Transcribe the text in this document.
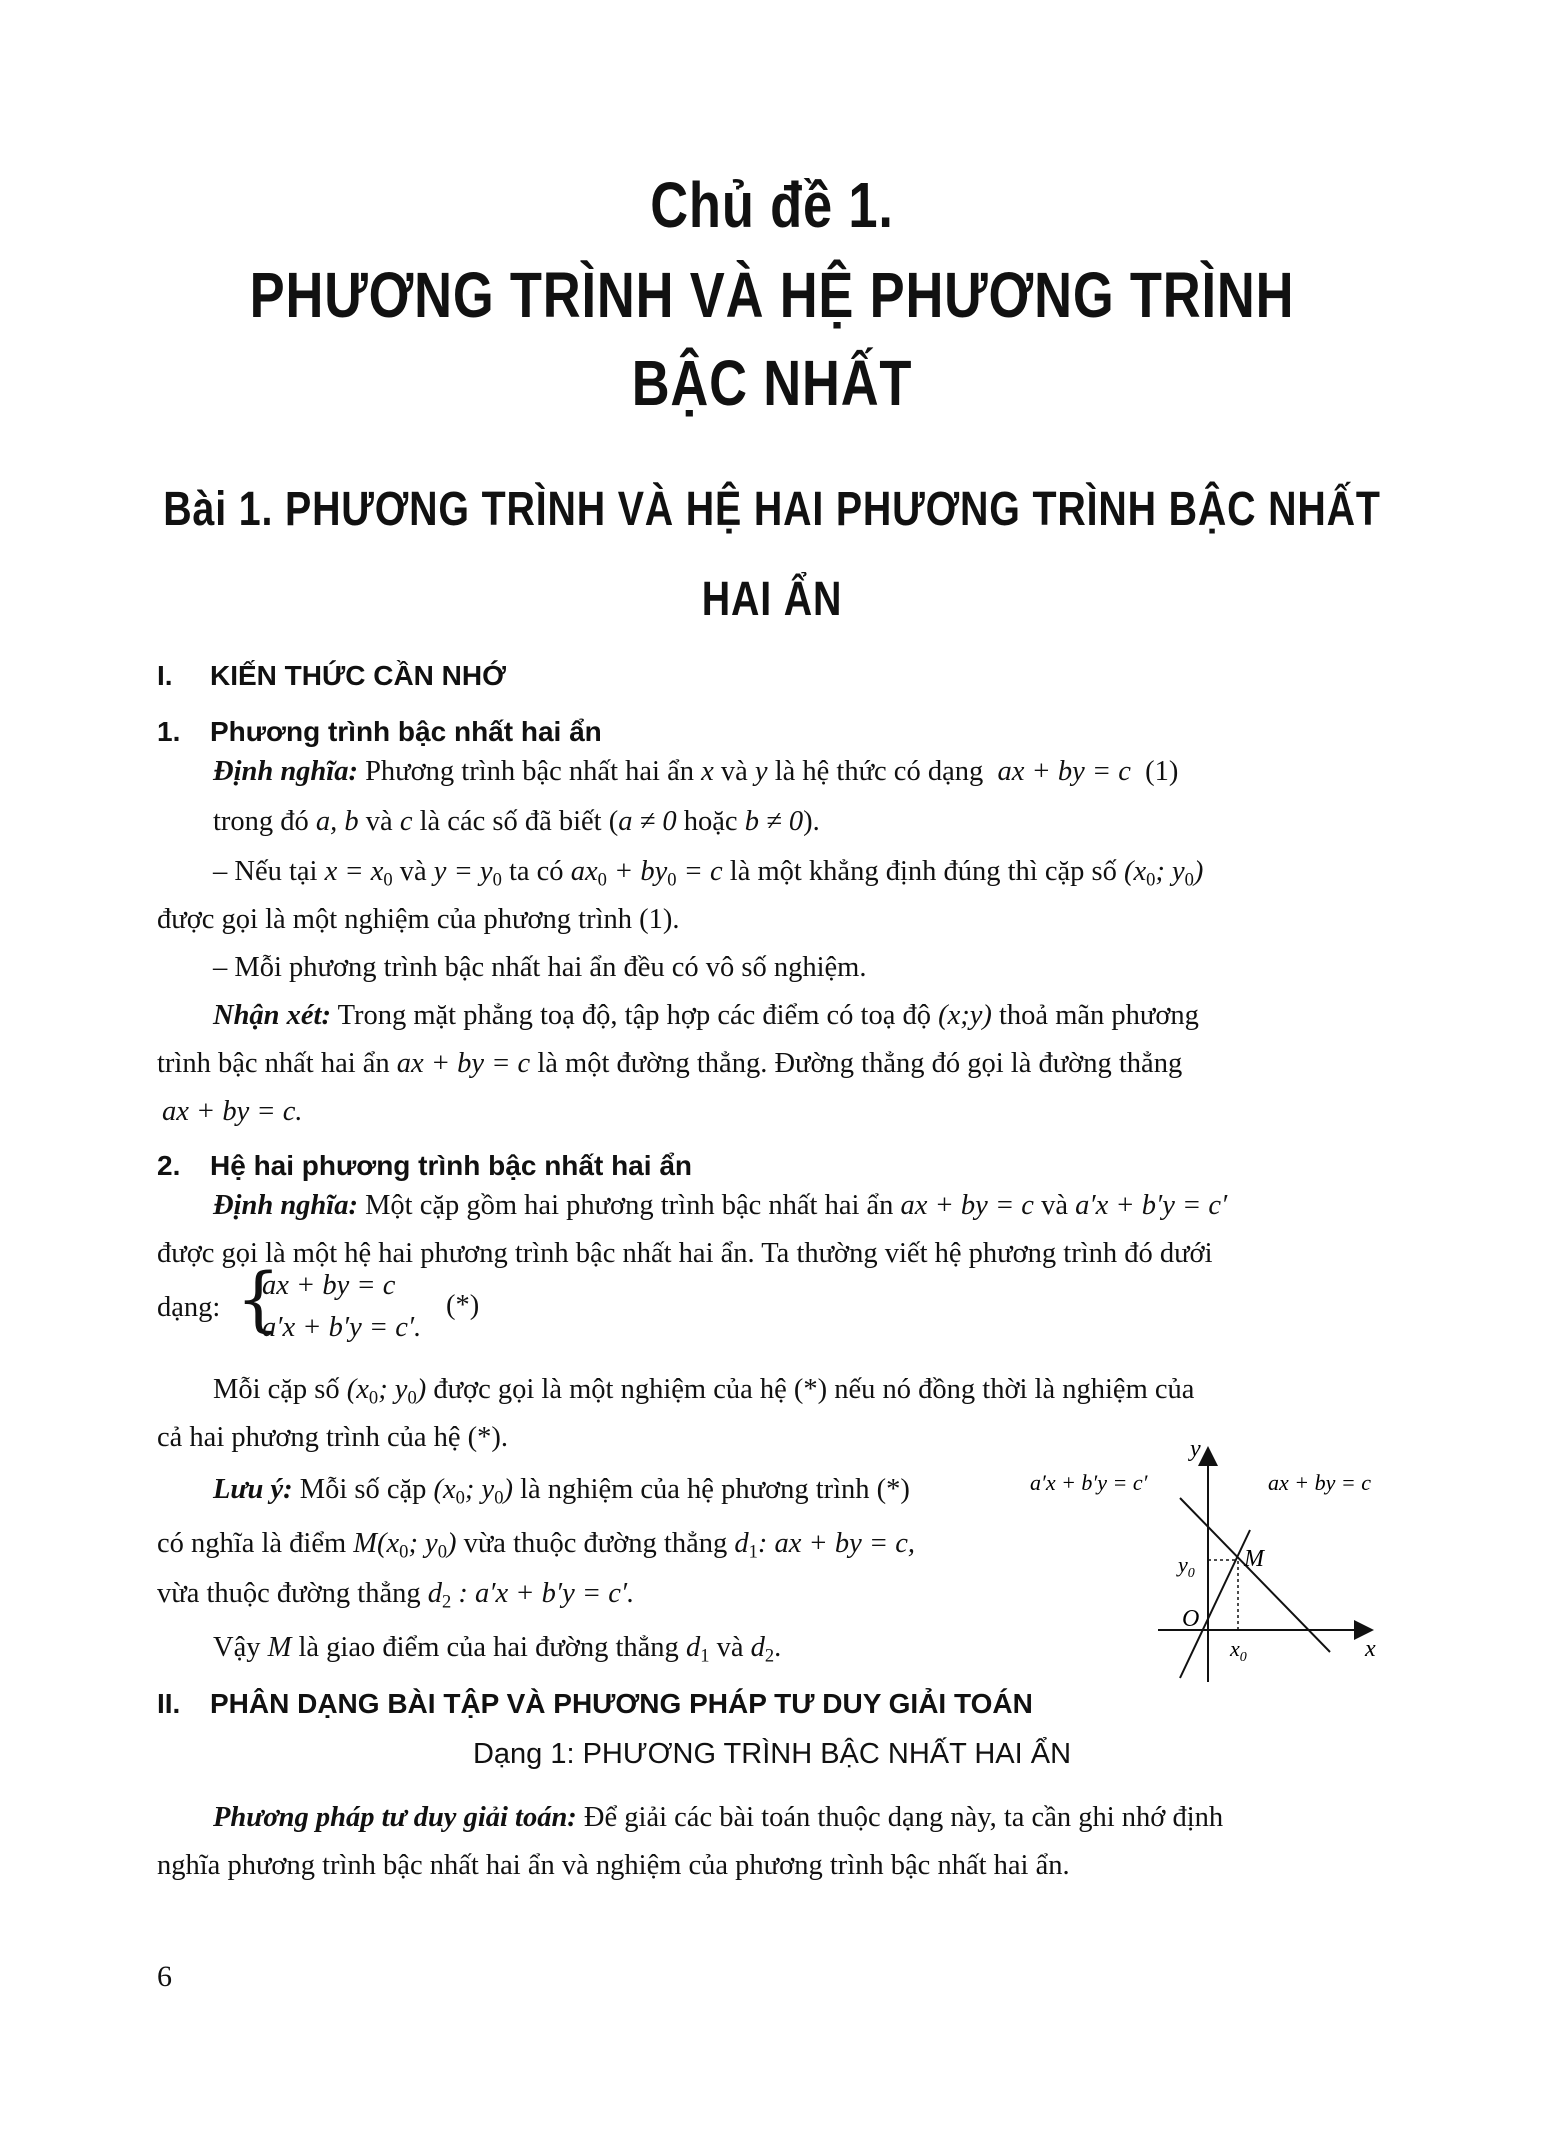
Chủ đề 1.
PHƯƠNG TRÌNH VÀ HỆ PHƯƠNG TRÌNH
BẬC NHẤT
Bài 1. PHƯƠNG TRÌNH VÀ HỆ HAI PHƯƠNG TRÌNH BẬC NHẤT
HAI ẨN
I. KIẾN THỨC CẦN NHỚ
1. Phương trình bậc nhất hai ẩn
Định nghĩa: Phương trình bậc nhất hai ẩn x và y là hệ thức có dạng  ax + by = c (1)
trong đó a, b và c là các số đã biết (a ≠ 0 hoặc b ≠ 0).
– Nếu tại $x = x_0$ và $y = y_0$ ta có $ax_0 + by_0 = c$ là một khẳng định đúng thì cặp số ($x_0$; $y_0$)
được gọi là một nghiệm của phương trình (1).
– Mỗi phương trình bậc nhất hai ẩn đều có vô số nghiệm.
Nhận xét: Trong mặt phẳng toạ độ, tập hợp các điểm có toạ độ (x;y) thoả mãn phương
trình bậc nhất hai ẩn ax + by = c là một đường thẳng. Đường thẳng đó gọi là đường thẳng
ax + by = c.
2. Hệ hai phương trình bậc nhất hai ẩn
Định nghĩa: Một cặp gồm hai phương trình bậc nhất hai ẩn ax + by = c và a′x + b′y = c′
được gọi là một hệ hai phương trình bậc nhất hai ẩn. Ta thường viết hệ phương trình đó dưới
dạng: {
ax + by = c
a′x + b′y = c′.
(*)
Mỗi cặp số ($x_0$; $y_0$) được gọi là một nghiệm của hệ (*) nếu nó đồng thời là nghiệm của
cả hai phương trình của hệ (*).
Lưu ý: Mỗi số cặp ($x_0$; $y_0$) là nghiệm của hệ phương trình (*)
có nghĩa là điểm $M(x_0$; $y_0$) vừa thuộc đường thẳng $d_1$: ax + by = c,
vừa thuộc đường thẳng $d_2$ : a′x + b′y = c′.
Vậy M là giao điểm của hai đường thẳng $d_1$ và $d_2$.
y
x
O
M
$y_0$
$x_0$
a′x + b′y = c′	ax + by = c
II. PHÂN DẠNG BÀI TẬP VÀ PHƯƠNG PHÁP TƯ DUY GIẢI TOÁN
Dạng 1: PHƯƠNG TRÌNH BẬC NHẤT HAI ẨN
Phương pháp tư duy giải toán: Để giải các bài toán thuộc dạng này, ta cần ghi nhớ định
nghĩa phương trình bậc nhất hai ẩn và nghiệm của phương trình bậc nhất hai ẩn.
6
